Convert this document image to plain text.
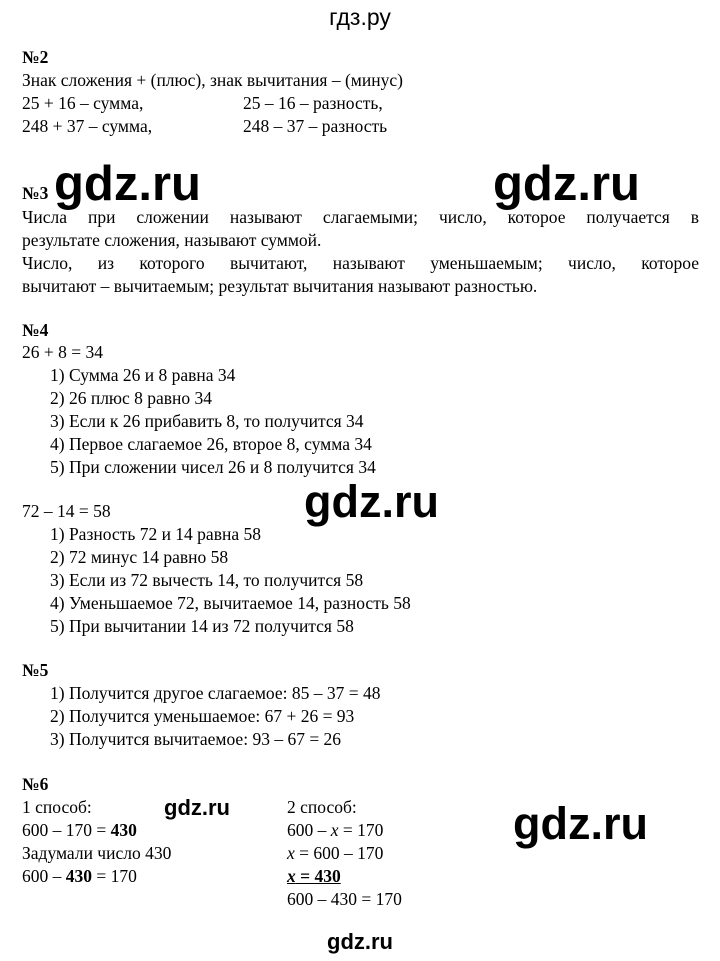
гдз.ру
№2
Знак сложения + (плюс), знак вычитания – (минус)
25 + 16 – сумма,	25 – 16 – разность,
248 + 37 – сумма,	248 – 37 – разность
№3 gdz.ru	gdz.ru
Числа при сложении называют слагаемыми; число, которое получается в
результате сложения, называют суммой.
Число, из которого вычитают, называют уменьшаемым; число, которое
вычитают – вычитаемым; результат вычитания называют разностью.
№4
26 + 8 = 34
1) Сумма 26 и 8 равна 34
2) 26 плюс 8 равно 34
3) Если к 26 прибавить 8, то получится 34
4) Первое слагаемое 26, второе 8, сумма 34
5) При сложении чисел 26 и 8 получится 34
gdz.ru
72 – 14 = 58
1) Разность 72 и 14 равна 58
2) 72 минус 14 равно 58
3) Если из 72 вычесть 14, то получится 58
4) Уменьшаемое 72, вычитаемое 14, разность 58
5) При вычитании 14 из 72 получится 58
№5
1) Получится другое слагаемое: 85 – 37 = 48
2) Получится уменьшаемое: 67 + 26 = 93
3) Получится вычитаемое: 93 – 67 = 26
№6
1 способ:
600 – 170 = 430
Задумали число 430
600 – 430 = 170
gdz.ru	2 способ:
600 – x = 170
x = 600 – 170
x = 430
600 – 430 = 170
gdz.ru
gdz.ru
